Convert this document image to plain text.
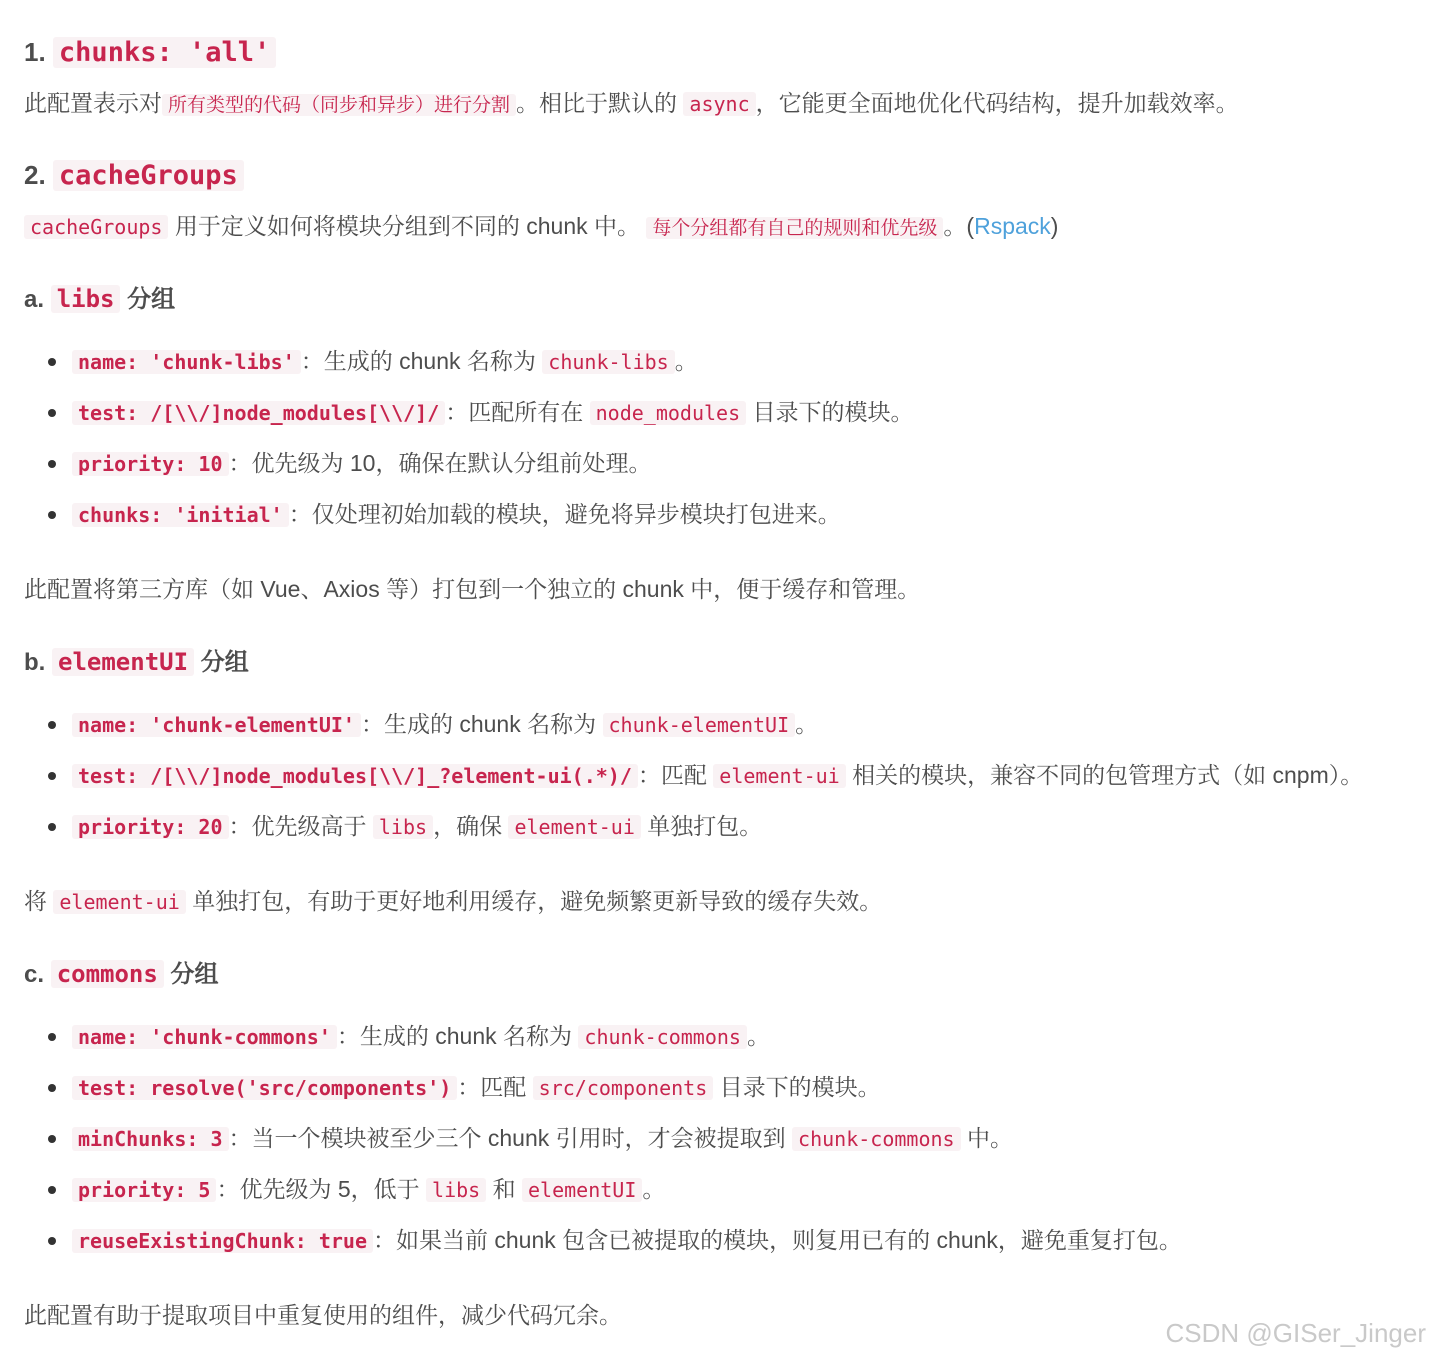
1. chunks: 'all'
此配置表示对 所有类型的代码（同步和异步）进行分割 。相比于默认的 async ，它能更全面地优化代码结构，提升加载效率。
2. cacheGroups
cacheGroups 用于定义如何将模块分组到不同的 chunk 中。 每个分组都有自己的规则和优先级 。(Rspack)
a. libs 分组
name: 'chunk-libs' ：生成的 chunk 名称为 chunk-libs 。
test: /[\\/]node_modules[\\/]/ ：匹配所有在 node_modules 目录下的模块。
priority: 10 ：优先级为 10，确保在默认分组前处理。
chunks: 'initial' ：仅处理初始加载的模块，避免将异步模块打包进来。
此配置将第三方库（如 Vue、Axios 等）打包到一个独立的 chunk 中，便于缓存和管理。
b. elementUI 分组
name: 'chunk-elementUI' ：生成的 chunk 名称为 chunk-elementUI 。
test: /[\\/]node_modules[\\/]_?element-ui(.*)/ ：匹配 element-ui 相关的模块，兼容不同的包管理方式（如 cnpm）。
priority: 20 ：优先级高于 libs ，确保 element-ui 单独打包。
将 element-ui 单独打包，有助于更好地利用缓存，避免频繁更新导致的缓存失效。
c. commons 分组
name: 'chunk-commons' ：生成的 chunk 名称为 chunk-commons 。
test: resolve('src/components') ：匹配 src/components 目录下的模块。
minChunks: 3 ：当一个模块被至少三个 chunk 引用时，才会被提取到 chunk-commons 中。
priority: 5 ：优先级为 5，低于 libs 和 elementUI 。
reuseExistingChunk: true ：如果当前 chunk 包含已被提取的模块，则复用已有的 chunk，避免重复打包。
此配置有助于提取项目中重复使用的组件，减少代码冗余。
CSDN @GISer_Jinger
